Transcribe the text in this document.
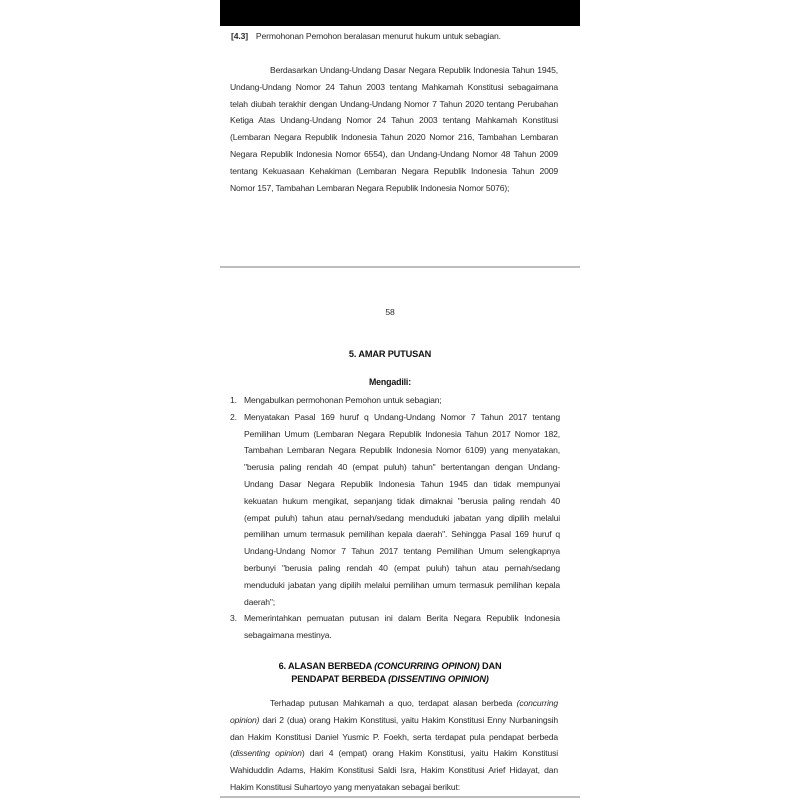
[4.3] Permohonan Pemohon beralasan menurut hukum untuk sebagian.
Berdasarkan Undang-Undang Dasar Negara Republik Indonesia Tahun 1945, Undang-Undang Nomor 24 Tahun 2003 tentang Mahkamah Konstitusi sebagaimana telah diubah terakhir dengan Undang-Undang Nomor 7 Tahun 2020 tentang Perubahan Ketiga Atas Undang-Undang Nomor 24 Tahun 2003 tentang Mahkamah Konstitusi (Lembaran Negara Republik Indonesia Tahun 2020 Nomor 216, Tambahan Lembaran Negara Republik Indonesia Nomor 6554), dan Undang-Undang Nomor 48 Tahun 2009 tentang Kekuasaan Kehakiman (Lembaran Negara Republik Indonesia Tahun 2009 Nomor 157, Tambahan Lembaran Negara Republik Indonesia Nomor 5076);
58
5. AMAR PUTUSAN
Mengadili:
1. Mengabulkan permohonan Pemohon untuk sebagian;
2. Menyatakan Pasal 169 huruf q Undang-Undang Nomor 7 Tahun 2017 tentang Pemilihan Umum (Lembaran Negara Republik Indonesia Tahun 2017 Nomor 182, Tambahan Lembaran Negara Republik Indonesia Nomor 6109) yang menyatakan, "berusia paling rendah 40 (empat puluh) tahun" bertentangan dengan Undang-Undang Dasar Negara Republik Indonesia Tahun 1945 dan tidak mempunyai kekuatan hukum mengikat, sepanjang tidak dimaknai "berusia paling rendah 40 (empat puluh) tahun atau pernah/sedang menduduki jabatan yang dipilih melalui pemilihan umum termasuk pemilihan kepala daerah". Sehingga Pasal 169 huruf q Undang-Undang Nomor 7 Tahun 2017 tentang Pemilihan Umum selengkapnya berbunyi "berusia paling rendah 40 (empat puluh) tahun atau pernah/sedang menduduki jabatan yang dipilih melalui pemilihan umum termasuk pemilihan kepala daerah";
3. Memerintahkan pemuatan putusan ini dalam Berita Negara Republik Indonesia sebagaimana mestinya.
6. ALASAN BERBEDA (CONCURRING OPINON) DAN
PENDAPAT BERBEDA (DISSENTING OPINION)
Terhadap putusan Mahkamah a quo, terdapat alasan berbeda (concurring opinion) dari 2 (dua) orang Hakim Konstitusi, yaitu Hakim Konstitusi Enny Nurbaningsih dan Hakim Konstitusi Daniel Yusmic P. Foekh, serta terdapat pula pendapat berbeda (dissenting opinion) dari 4 (empat) orang Hakim Konstitusi, yaitu Hakim Konstitusi Wahiduddin Adams, Hakim Konstitusi Saldi Isra, Hakim Konstitusi Arief Hidayat, dan Hakim Konstitusi Suhartoyo yang menyatakan sebagai berikut:
